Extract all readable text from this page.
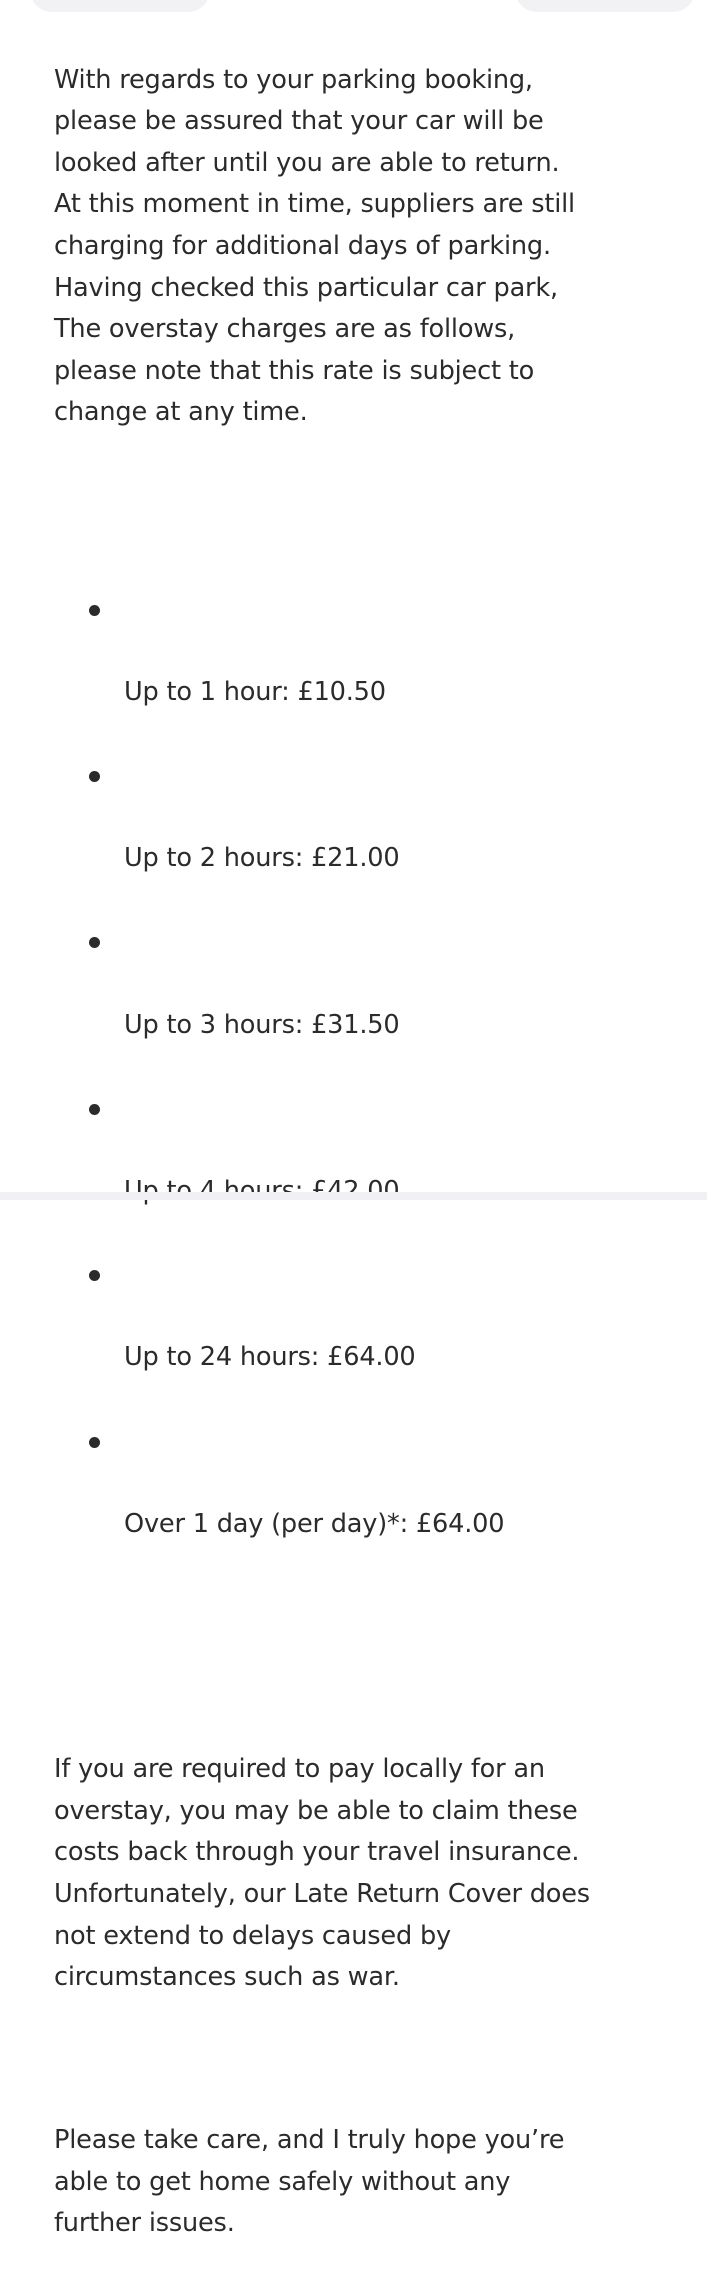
With regards to your parking booking,
please be assured that your car will be
looked after until you are able to return.
At this moment in time, suppliers are still
charging for additional days of parking.
Having checked this particular car park,
The overstay charges are as follows,
please note that this rate is subject to
change at any time.

Up to 1 hour: £10.50

Up to 2 hours: £21.00

Up to 3 hours: £31.50

Up to 24 hours: £64.00

Over 1 day (per day)*: £64.00

If you are required to pay locally for an
overstay, you may be able to claim these
costs back through your travel insurance.
Unfortunately, our Late Return Cover does
not extend to delays caused by
circumstances such as war.

Please take care, and I truly hope you’re
able to get home safely without any
further issues.
